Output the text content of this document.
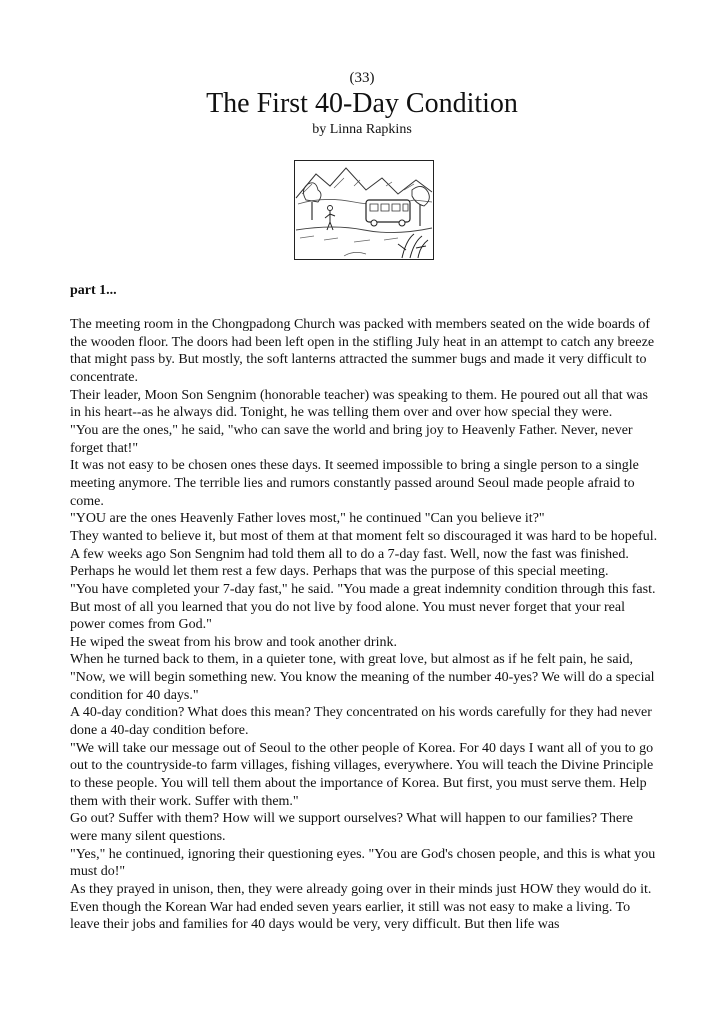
(33)
The First 40-Day Condition
by Linna Rapkins
part 1...

The meeting room in the Chongpadong Church was packed with members seated on the wide boards of the wooden floor. The doors had been left open in the stifling July heat in an attempt to catch any breeze that might pass by. But mostly, the soft lanterns attracted the summer bugs and made it very difficult to concentrate.

Their leader, Moon Son Sengnim (honorable teacher) was speaking to them. He poured out all that was in his heart--as he always did. Tonight, he was telling them over and over how special they were.

"You are the ones," he said, "who can save the world and bring joy to Heavenly Father. Never, never forget that!"

It was not easy to be chosen ones these days. It seemed impossible to bring a single person to a single meeting anymore. The terrible lies and rumors constantly passed around Seoul made people afraid to come.

"YOU are the ones Heavenly Father loves most," he continued "Can you believe it?"

They wanted to believe it, but most of them at that moment felt so discouraged it was hard to be hopeful.

A few weeks ago Son Sengnim had told them all to do a 7-day fast. Well, now the fast was finished. Perhaps he would let them rest a few days. Perhaps that was the purpose of this special meeting.

"You have completed your 7-day fast," he said. "You made a great indemnity condition through this fast. But most of all you learned that you do not live by food alone. You must never forget that your real power comes from God."

He wiped the sweat from his brow and took another drink.

When he turned back to them, in a quieter tone, with great love, but almost as if he felt pain, he said, "Now, we will begin something new. You know the meaning of the number 40-yes? We will do a special condition for 40 days."

A 40-day condition? What does this mean? They concentrated on his words carefully for they had never done a 40-day condition before.

"We will take our message out of Seoul to the other people of Korea. For 40 days I want all of you to go out to the countryside-to farm villages, fishing villages, everywhere. You will teach the Divine Principle to these people. You will tell them about the importance of Korea. But first, you must serve them. Help them with their work. Suffer with them."

Go out? Suffer with them? How will we support ourselves? What will happen to our families? There were many silent questions.

"Yes," he continued, ignoring their questioning eyes. "You are God's chosen people, and this is what you must do!"

As they prayed in unison, then, they were already going over in their minds just HOW they would do it. Even though the Korean War had ended seven years earlier, it still was not easy to make a living. To leave their jobs and families for 40 days would be very, very difficult. But then life was
